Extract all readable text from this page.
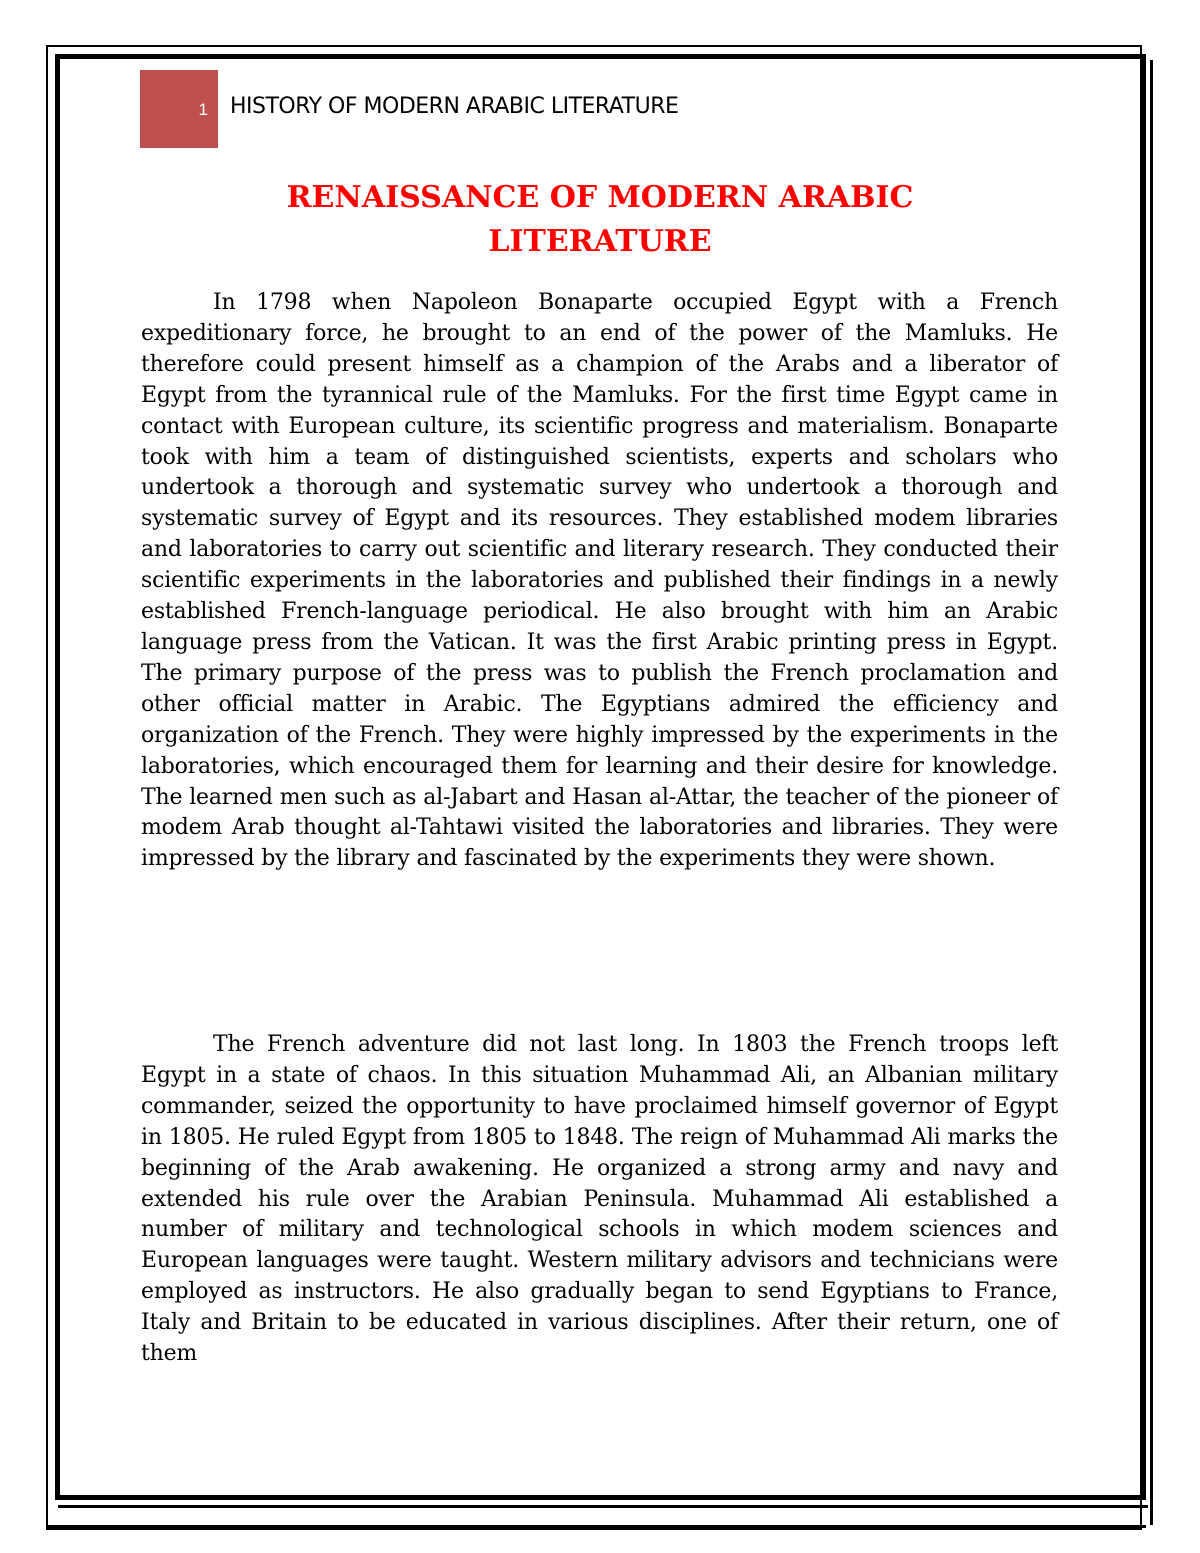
1	HISTORY OF MODERN ARABIC LITERATURE
RENAISSANCE OF MODERN ARABIC
LITERATURE

In 1798 when Napoleon Bonaparte occupied Egypt with a French expeditionary force, he brought to an end of the power of the Mamluks. He therefore could present himself as a champion of the Arabs and a liberator of Egypt from the tyrannical rule of the Mamluks. For the first time Egypt came in contact with European culture, its scientific progress and materialism. Bonaparte took with him a team of distinguished scientists, experts and scholars who undertook a thorough and systematic survey who undertook a thorough and systematic survey of Egypt and its resources. They established modem libraries and laboratories to carry out scientific and literary research. They conducted their scientific experiments in the laboratories and published their findings in a newly established French-language periodical. He also brought with him an Arabic language press from the Vatican. It was the first Arabic printing press in Egypt. The primary purpose of the press was to publish the French proclamation and other official matter in Arabic. The Egyptians admired the efficiency and organization of the French. They were highly impressed by the experiments in the laboratories, which encouraged them for learning and their desire for knowledge. The learned men such as al-Jabart and Hasan al-Attar, the teacher of the pioneer of modem Arab thought al-Tahtawi visited the laboratories and libraries. They were impressed by the library and fascinated by the experiments they were shown.

The French adventure did not last long. In 1803 the French troops left Egypt in a state of chaos. In this situation Muhammad Ali, an Albanian military commander, seized the opportunity to have proclaimed himself governor of Egypt in 1805. He ruled Egypt from 1805 to 1848. The reign of Muhammad Ali marks the beginning of the Arab awakening. He organized a strong army and navy and extended his rule over the Arabian Peninsula. Muhammad Ali established a number of military and technological schools in which modem sciences and European languages were taught. Western military advisors and technicians were employed as instructors. He also gradually began to send Egyptians to France, Italy and Britain to be educated in various disciplines. After their return, one of them
